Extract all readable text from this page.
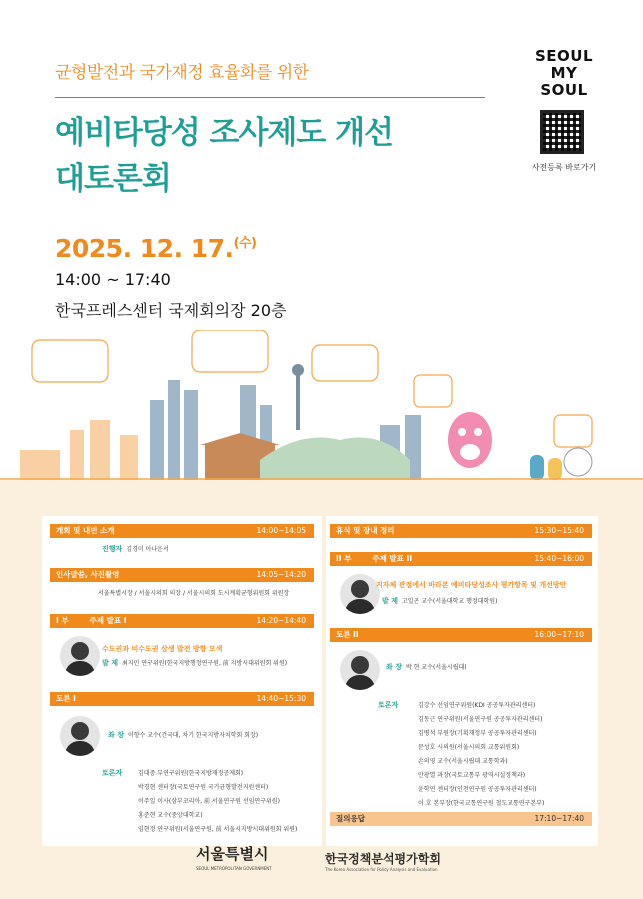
균형발전과 국가재정 효율화를 위한
예비타당성 조사제도 개선
대토론회
2025. 12. 17.$^{(수)}$
14:00 ~ 17:40
한국프레스센터 국제회의장 20층
SEOUL
MY SOUL
사전등록 바로가기
개회 및 내빈 소개	14:00~14:05
진행자 김경미 아나운서
인사말씀, 사진촬영	14:05~14:20
서울특별시장 / 서울시의회 의장 / 서울시의회 도시계획균형위원회 위원장
I 부	주제 발표 I	14:20~14:40
수도권과 비수도권 상생 발전 방향 모색
발 제 최지민 연구위원(한국지방행정연구원, 前 지방시대위원회 위원)
토론 I	14:40~15:30
좌 장 이향수 교수(건국대, 차기 한국지방자치학회 회장)
토론자	김대중 부연구위원(한국지방재정공제회)
박경현 센터장(국토연구원 국가균형발전지원센터)
이주일 이사(삼부코리아, 前 서울연구원 선임연구위원)
홍준현 교수(중앙대학교)
임현정 연구위원(서울연구원, 前 서울시지방시대위원회 위원)
휴식 및 장내 정리	15:30~15:40
II 부	주제 발표 II	15:40~16:00
지자체 관점에서 바라본 예비타당성조사 평가항목 및 개선방안
발 제 고일곤 교수(서울대학교 행정대학원)
토론 II	16:00~17:10
좌 장 박 현 교수(서울시립대)
토론자	김강수 선임연구위원(KDI 공공투자관리센터)
김동근 연구위원(서울연구원 공공투자관리센터)
김병석 부원장(기획재정부 공공투자관리센터)
문성호 시의원(서울시의회 교통위원회)
손의영 교수(서울시립대 교통학과)
안광열 과장(국토교통부 광역시설정책과)
윤학연 센터장(인천연구원 공공투자관리센터)
이 호 본부장(한국교통연구원 철도교통연구본부)
질의응답	17:10~17:40
서울특별시
SEOUL METROPOLITAN GOVERNMENT
한국정책분석평가학회
The Korea Association for Policy Analysis and Evaluation
